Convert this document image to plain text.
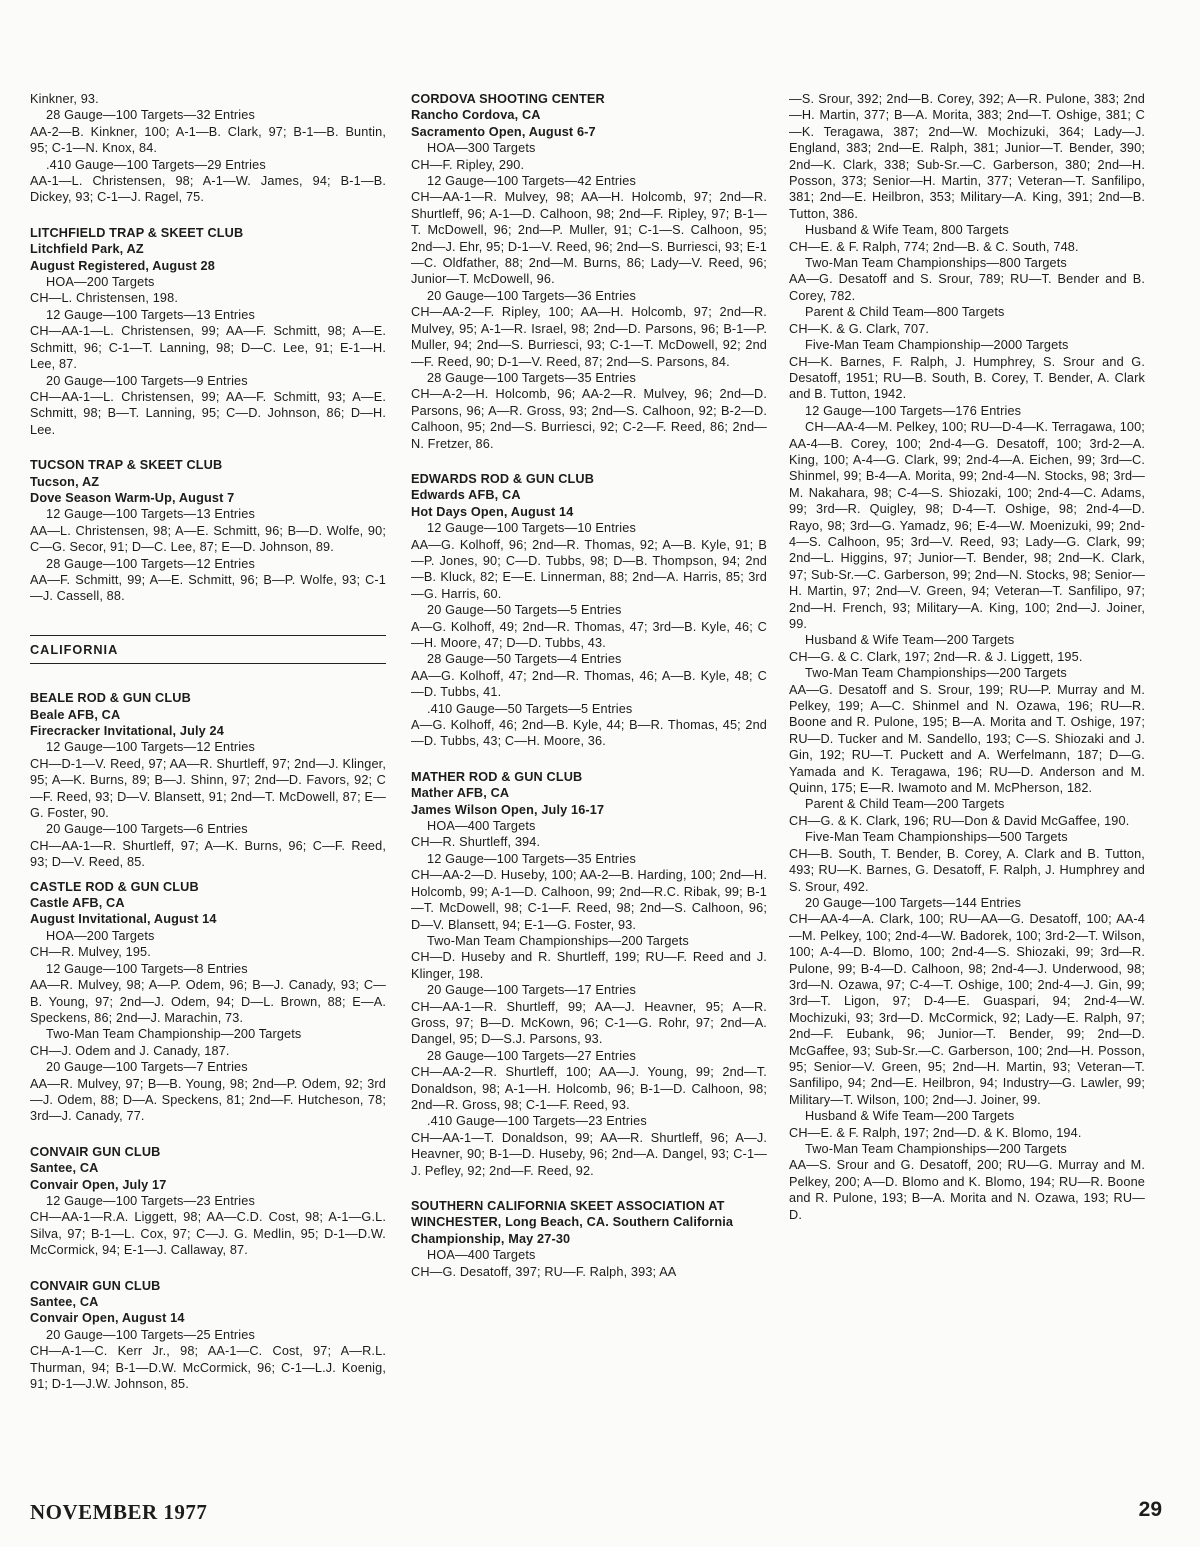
Kinkner, 93.

28 Gauge—100 Targets—32 Entries

AA-2—B. Kinkner, 100; A-1—B. Clark, 97; B-1—B. Buntin, 95; C-1—N. Knox, 84.

.410 Gauge—100 Targets—29 Entries

AA-1—L. Christensen, 98; A-1—W. James, 94; B-1—B. Dickey, 93; C-1—J. Ragel, 75.

LITCHFIELD TRAP & SKEET CLUB
Litchfield Park, AZ
August Registered, August 28

HOA—200 Targets

CH—L. Christensen, 198.

12 Gauge—100 Targets—13 Entries

CH—AA-1—L. Christensen, 99; AA—F. Schmitt, 98; A—E. Schmitt, 96; C-1—T. Lanning, 98; D—C. Lee, 91; E-1—H. Lee, 87.

20 Gauge—100 Targets—9 Entries

CH—AA-1—L. Christensen, 99; AA—F. Schmitt, 93; A—E. Schmitt, 98; B—T. Lanning, 95; C—D. Johnson, 86; D—H. Lee.

TUCSON TRAP & SKEET CLUB
Tucson, AZ
Dove Season Warm-Up, August 7

12 Gauge—100 Targets—13 Entries

AA—L. Christensen, 98; A—E. Schmitt, 96; B—D. Wolfe, 90; C—G. Secor, 91; D—C. Lee, 87; E—D. Johnson, 89.

28 Gauge—100 Targets—12 Entries

AA—F. Schmitt, 99; A—E. Schmitt, 96; B—P. Wolfe, 93; C-1—J. Cassell, 88.

CALIFORNIA
BEALE ROD & GUN CLUB
Beale AFB, CA
Firecracker Invitational, July 24

12 Gauge—100 Targets—12 Entries

CH—D-1—V. Reed, 97; AA—R. Shurtleff, 97; 2nd—J. Klinger, 95; A—K. Burns, 89; B—J. Shinn, 97; 2nd—D. Favors, 92; C—F. Reed, 93; D—V. Blansett, 91; 2nd—T. McDowell, 87; E—G. Foster, 90.

20 Gauge—100 Targets—6 Entries

CH—AA-1—R. Shurtleff, 97; A—K. Burns, 96; C—F. Reed, 93; D—V. Reed, 85.

CASTLE ROD & GUN CLUB
Castle AFB, CA
August Invitational, August 14

HOA—200 Targets

CH—R. Mulvey, 195.

12 Gauge—100 Targets—8 Entries

AA—R. Mulvey, 98; A—P. Odem, 96; B—J. Canady, 93; C—B. Young, 97; 2nd—J. Odem, 94; D—L. Brown, 88; E—A. Speckens, 86; 2nd—J. Marachin, 73.

Two-Man Team Championship—200 Targets

CH—J. Odem and J. Canady, 187.

20 Gauge—100 Targets—7 Entries

AA—R. Mulvey, 97; B—B. Young, 98; 2nd—P. Odem, 92; 3rd—J. Odem, 88; D—A. Speckens, 81; 2nd—F. Hutcheson, 78; 3rd—J. Canady, 77.

CONVAIR GUN CLUB
Santee, CA
Convair Open, July 17

12 Gauge—100 Targets—23 Entries

CH—AA-1—R.A. Liggett, 98; AA—C.D. Cost, 98; A-1—G.L. Silva, 97; B-1—L. Cox, 97; C—J. G. Medlin, 95; D-1—D.W. McCormick, 94; E-1—J. Callaway, 87.

CONVAIR GUN CLUB
Santee, CA
Convair Open, August 14

20 Gauge—100 Targets—25 Entries

CH—A-1—C. Kerr Jr., 98; AA-1—C. Cost, 97; A—R.L. Thurman, 94; B-1—D.W. McCormick, 96; C-1—L.J. Koenig, 91; D-1—J.W. Johnson, 85.

CORDOVA SHOOTING CENTER
Rancho Cordova, CA
Sacramento Open, August 6-7

HOA—300 Targets

CH—F. Ripley, 290.

12 Gauge—100 Targets—42 Entries

CH—AA-1—R. Mulvey, 98; AA—H. Holcomb, 97; 2nd—R. Shurtleff, 96; A-1—D. Calhoon, 98; 2nd—F. Ripley, 97; B-1—T. McDowell, 96; 2nd—P. Muller, 91; C-1—S. Calhoon, 95; 2nd—J. Ehr, 95; D-1—V. Reed, 96; 2nd—S. Burriesci, 93; E-1—C. Oldfather, 88; 2nd—M. Burns, 86; Lady—V. Reed, 96; Junior—T. McDowell, 96.

20 Gauge—100 Targets—36 Entries

CH—AA-2—F. Ripley, 100; AA—H. Holcomb, 97; 2nd—R. Mulvey, 95; A-1—R. Israel, 98; 2nd—D. Parsons, 96; B-1—P. Muller, 94; 2nd—S. Burriesci, 93; C-1—T. McDowell, 92; 2nd—F. Reed, 90; D-1—V. Reed, 87; 2nd—S. Parsons, 84.

28 Gauge—100 Targets—35 Entries

CH—A-2—H. Holcomb, 96; AA-2—R. Mulvey, 96; 2nd—D. Parsons, 96; A—R. Gross, 93; 2nd—S. Calhoon, 92; B-2—D. Calhoon, 95; 2nd—S. Burriesci, 92; C-2—F. Reed, 86; 2nd—N. Fretzer, 86.

EDWARDS ROD & GUN CLUB
Edwards AFB, CA
Hot Days Open, August 14

12 Gauge—100 Targets—10 Entries

AA—G. Kolhoff, 96; 2nd—R. Thomas, 92; A—B. Kyle, 91; B—P. Jones, 90; C—D. Tubbs, 98; D—B. Thompson, 94; 2nd—B. Kluck, 82; E—E. Linnerman, 88; 2nd—A. Harris, 85; 3rd—G. Harris, 60.

20 Gauge—50 Targets—5 Entries

A—G. Kolhoff, 49; 2nd—R. Thomas, 47; 3rd—B. Kyle, 46; C—H. Moore, 47; D—D. Tubbs, 43.

28 Gauge—50 Targets—4 Entries

AA—G. Kolhoff, 47; 2nd—R. Thomas, 46; A—B. Kyle, 48; C—D. Tubbs, 41.

.410 Gauge—50 Targets—5 Entries

A—G. Kolhoff, 46; 2nd—B. Kyle, 44; B—R. Thomas, 45; 2nd—D. Tubbs, 43; C—H. Moore, 36.

MATHER ROD & GUN CLUB
Mather AFB, CA
James Wilson Open, July 16-17

HOA—400 Targets

CH—R. Shurtleff, 394.

12 Gauge—100 Targets—35 Entries

CH—AA-2—D. Huseby, 100; AA-2—B. Harding, 100; 2nd—H. Holcomb, 99; A-1—D. Calhoon, 99; 2nd—R.C. Ribak, 99; B-1—T. McDowell, 98; C-1—F. Reed, 98; 2nd—S. Calhoon, 96; D—V. Blansett, 94; E-1—G. Foster, 93.

Two-Man Team Championships—200 Targets

CH—D. Huseby and R. Shurtleff, 199; RU—F. Reed and J. Klinger, 198.

20 Gauge—100 Targets—17 Entries

CH—AA-1—R. Shurtleff, 99; AA—J. Heavner, 95; A—R. Gross, 97; B—D. McKown, 96; C-1—G. Rohr, 97; 2nd—A. Dangel, 95; D—S.J. Parsons, 93.

28 Gauge—100 Targets—27 Entries

CH—AA-2—R. Shurtleff, 100; AA—J. Young, 99; 2nd—T. Donaldson, 98; A-1—H. Holcomb, 96; B-1—D. Calhoon, 98; 2nd—R. Gross, 98; C-1—F. Reed, 93.

.410 Gauge—100 Targets—23 Entries

CH—AA-1—T. Donaldson, 99; AA—R. Shurtleff, 96; A—J. Heavner, 90; B-1—D. Huseby, 96; 2nd—A. Dangel, 93; C-1—J. Pefley, 92; 2nd—F. Reed, 92.

SOUTHERN CALIFORNIA SKEET ASSOCIATION AT WINCHESTER, Long Beach, CA. Southern California Championship, May 27-30

HOA—400 Targets

CH—G. Desatoff, 397; RU—F. Ralph, 393; AA

—S. Srour, 392; 2nd—B. Corey, 392; A—R. Pulone, 383; 2nd—H. Martin, 377; B—A. Morita, 383; 2nd—T. Oshige, 381; C—K. Teragawa, 387; 2nd—W. Mochizuki, 364; Lady—J. England, 383; 2nd—E. Ralph, 381; Junior—T. Bender, 390; 2nd—K. Clark, 338; Sub-Sr.—C. Garberson, 380; 2nd—H. Posson, 373; Senior—H. Martin, 377; Veteran—T. Sanfilipo, 381; 2nd—E. Heilbron, 353; Military—A. King, 391; 2nd—B. Tutton, 386.

Husband & Wife Team, 800 Targets

CH—E. & F. Ralph, 774; 2nd—B. & C. South, 748.

Two-Man Team Championships—800 Targets

AA—G. Desatoff and S. Srour, 789; RU—T. Bender and B. Corey, 782.

Parent & Child Team—800 Targets

CH—K. & G. Clark, 707.

Five-Man Team Championship—2000 Targets

CH—K. Barnes, F. Ralph, J. Humphrey, S. Srour and G. Desatoff, 1951; RU—B. South, B. Corey, T. Bender, A. Clark and B. Tutton, 1942.

12 Gauge—100 Targets—176 Entries

CH—AA-4—M. Pelkey, 100; RU—D-4—K. Terragawa, 100; AA-4—B. Corey, 100; 2nd-4—G. Desatoff, 100; 3rd-2—A. King, 100; A-4—G. Clark, 99; 2nd-4—A. Eichen, 99; 3rd—C. Shinmel, 99; B-4—A. Morita, 99; 2nd-4—N. Stocks, 98; 3rd—M. Nakahara, 98; C-4—S. Shiozaki, 100; 2nd-4—C. Adams, 99; 3rd—R. Quigley, 98; D-4—T. Oshige, 98; 2nd-4—D. Rayo, 98; 3rd—G. Yamadz, 96; E-4—W. Moenizuki, 99; 2nd-4—S. Calhoon, 95; 3rd—V. Reed, 93; Lady—G. Clark, 99; 2nd—L. Higgins, 97; Junior—T. Bender, 98; 2nd—K. Clark, 97; Sub-Sr.—C. Garberson, 99; 2nd—N. Stocks, 98; Senior—H. Martin, 97; 2nd—V. Green, 94; Veteran—T. Sanfilipo, 97; 2nd—H. French, 93; Military—A. King, 100; 2nd—J. Joiner, 99.

Husband & Wife Team—200 Targets

CH—G. & C. Clark, 197; 2nd—R. & J. Liggett, 195.

Two-Man Team Championships—200 Targets

AA—G. Desatoff and S. Srour, 199; RU—P. Murray and M. Pelkey, 199; A—C. Shinmel and N. Ozawa, 196; RU—R. Boone and R. Pulone, 195; B—A. Morita and T. Oshige, 197; RU—D. Tucker and M. Sandello, 193; C—S. Shiozaki and J. Gin, 192; RU—T. Puckett and A. Werfelmann, 187; D—G. Yamada and K. Teragawa, 196; RU—D. Anderson and M. Quinn, 175; E—R. Iwamoto and M. McPherson, 182.

Parent & Child Team—200 Targets

CH—G. & K. Clark, 196; RU—Don & David McGaffee, 190.

Five-Man Team Championships—500 Targets

CH—B. South, T. Bender, B. Corey, A. Clark and B. Tutton, 493; RU—K. Barnes, G. Desatoff, F. Ralph, J. Humphrey and S. Srour, 492.

20 Gauge—100 Targets—144 Entries

CH—AA-4—A. Clark, 100; RU—AA—G. Desatoff, 100; AA-4—M. Pelkey, 100; 2nd-4—W. Badorek, 100; 3rd-2—T. Wilson, 100; A-4—D. Blomo, 100; 2nd-4—S. Shiozaki, 99; 3rd—R. Pulone, 99; B-4—D. Calhoon, 98; 2nd-4—J. Underwood, 98; 3rd—N. Ozawa, 97; C-4—T. Oshige, 100; 2nd-4—J. Gin, 99; 3rd—T. Ligon, 97; D-4—E. Guaspari, 94; 2nd-4—W. Mochizuki, 93; 3rd—D. McCormick, 92; Lady—E. Ralph, 97; 2nd—F. Eubank, 96; Junior—T. Bender, 99; 2nd—D. McGaffee, 93; Sub-Sr.—C. Garberson, 100; 2nd—H. Posson, 95; Senior—V. Green, 95; 2nd—H. Martin, 93; Veteran—T. Sanfilipo, 94; 2nd—E. Heilbron, 94; Industry—G. Lawler, 99; Military—T. Wilson, 100; 2nd—J. Joiner, 99.

Husband & Wife Team—200 Targets

CH—E. & F. Ralph, 197; 2nd—D. & K. Blomo, 194.

Two-Man Team Championships—200 Targets

AA—S. Srour and G. Desatoff, 200; RU—G. Murray and M. Pelkey, 200; A—D. Blomo and K. Blomo, 194; RU—R. Boone and R. Pulone, 193; B—A. Morita and N. Ozawa, 193; RU—D.

NOVEMBER 1977	29
